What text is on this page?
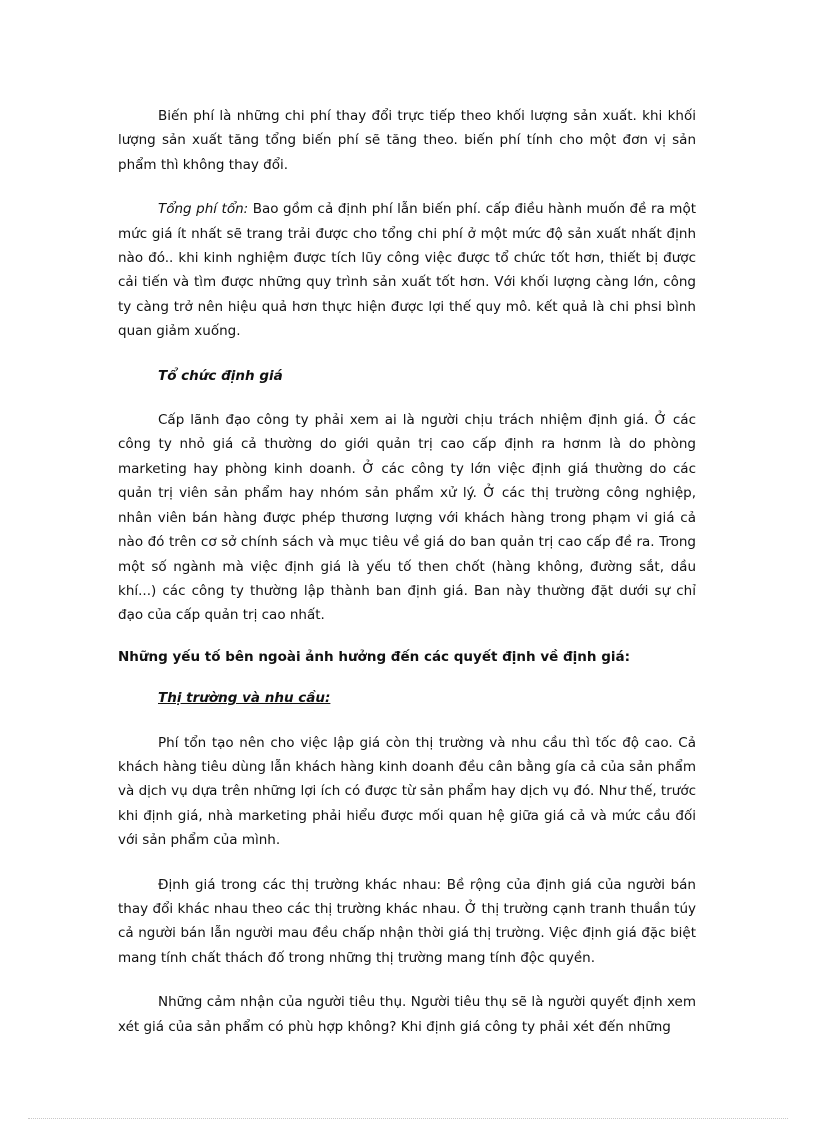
Biến phí là những chi phí thay đổi trực tiếp theo khối lượng sản xuất. khi khối lượng sản xuất tăng tổng biến phí sẽ tăng theo. biến phí tính cho một đơn vị sản phẩm thì không thay đổi.

Tổng phí tổn: Bao gồm cả định phí lẫn biến phí. cấp điều hành muốn đề ra một mức giá ít nhất sẽ trang trải được cho tổng chi phí ở một mức độ sản xuất nhất định nào đó.. khi kinh nghiệm được tích lũy công việc được tổ chức tốt hơn, thiết bị được cải tiến và tìm được những quy trình sản xuất tốt hơn. Với khối lượng càng lớn, công ty càng trở nên hiệu quả hơn thực hiện được lợi thế quy mô. kết quả là chi phsi bình quan giảm xuống.

Tổ chức định giá

Cấp lãnh đạo công ty phải xem ai là người chịu trách nhiệm định giá. Ở các công ty nhỏ giá cả thường do giới quản trị cao cấp định ra hơnm là do phòng marketing hay phòng kinh doanh. Ở các công ty lớn việc định giá thường do các quản trị viên sản phẩm hay nhóm sản phẩm xử lý. Ở các thị trường công nghiệp, nhân viên bán hàng được phép thương lượng với khách hàng trong phạm vi giá cả nào đó trên cơ sở chính sách và mục tiêu về giá do ban quản trị cao cấp đề ra. Trong một số ngành mà việc định giá là yếu tố then chốt (hàng không, đường sắt, dầu khí...) các công ty thường lập thành ban định giá. Ban này thường đặt dưới sự chỉ đạo của cấp quản trị cao nhất.

Những yếu tố bên ngoài ảnh hưởng đến các quyết định về định giá:

Thị trường và nhu cầu:

Phí tổn tạo nên cho việc lập giá còn thị trường và nhu cầu thì tốc độ cao. Cả khách hàng tiêu dùng lẫn khách hàng kinh doanh đều cân bằng gía cả của sản phẩm và dịch vụ dựa trên những lợi ích có được từ sản phẩm hay dịch vụ đó. Như thế, trước khi định giá, nhà marketing phải hiểu được mối quan hệ giữa giá cả và mức cầu đối với sản phẩm của mình.

Định giá trong các thị trường khác nhau: Bề rộng của định giá của người bán thay đổi khác nhau theo các thị trường khác nhau. Ở thị trường cạnh tranh thuần túy cả người bán lẫn người mau đều chấp nhận thời giá thị trường. Việc định giá đặc biệt mang tính chất thách đố trong những thị trường mang tính độc quyền.

Những cảm nhận của người tiêu thụ. Người tiêu thụ sẽ là người quyết định xem xét giá của sản phẩm có phù hợp không? Khi định giá công ty phải xét đến những
